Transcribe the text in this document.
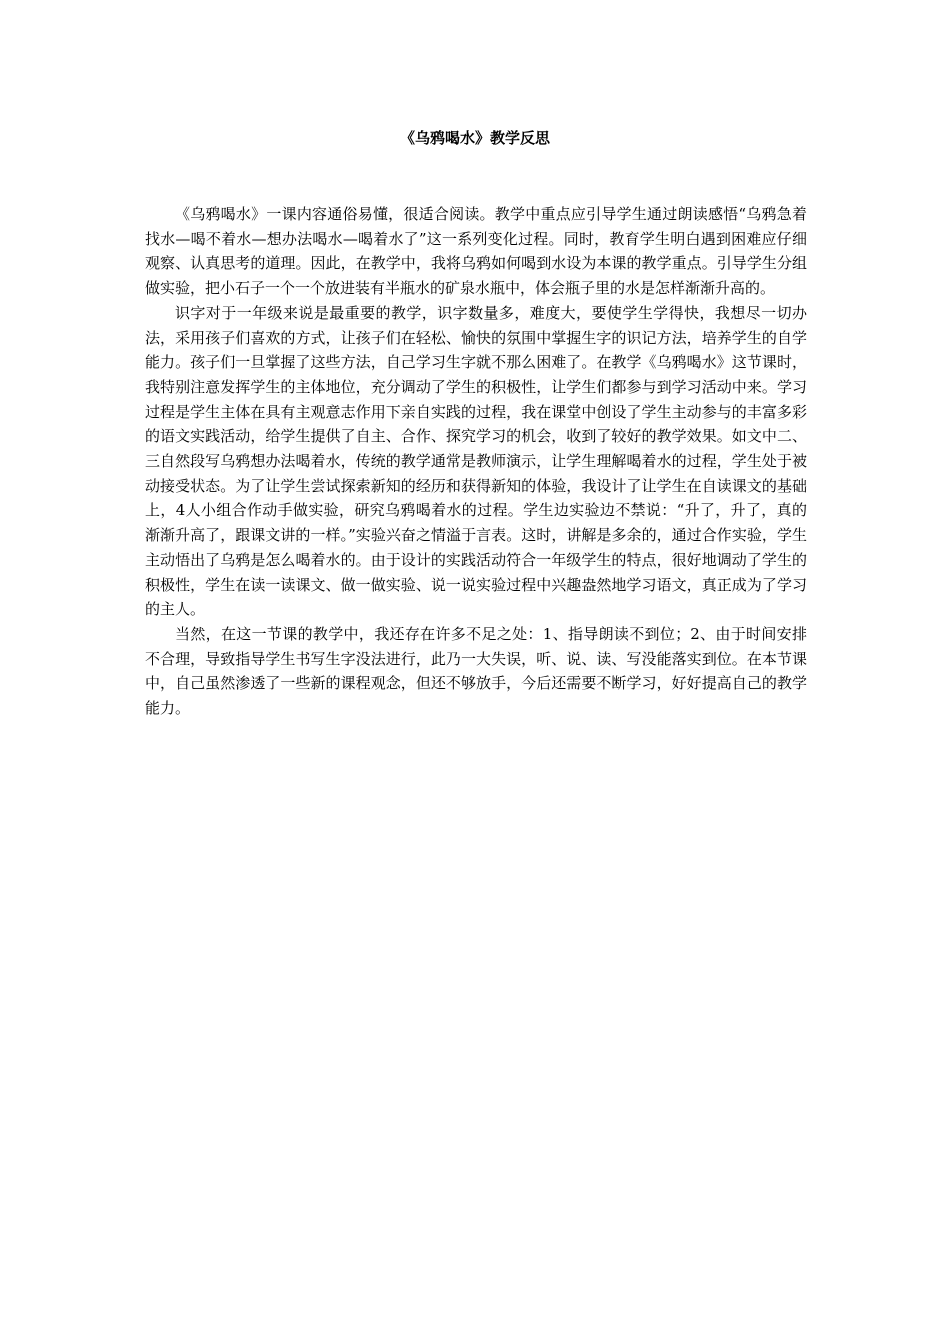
《乌鸦喝水》教学反思

《乌鸦喝水》一课内容通俗易懂，很适合阅读。教学中重点应引导学生通过朗读感悟“乌鸦急着找水—喝不着水—想办法喝水—喝着水了”这一系列变化过程。同时，教育学生明白遇到困难应仔细观察、认真思考的道理。因此，在教学中，我将乌鸦如何喝到水设为本课的教学重点。引导学生分组做实验，把小石子一个一个放进装有半瓶水的矿泉水瓶中，体会瓶子里的水是怎样渐渐升高的。

识字对于一年级来说是最重要的教学，识字数量多，难度大，要使学生学得快，我想尽一切办法，采用孩子们喜欢的方式，让孩子们在轻松、愉快的氛围中掌握生字的识记方法，培养学生的自学能力。孩子们一旦掌握了这些方法，自己学习生字就不那么困难了。在教学《乌鸦喝水》这节课时，我特别注意发挥学生的主体地位，充分调动了学生的积极性，让学生们都参与到学习活动中来。学习过程是学生主体在具有主观意志作用下亲自实践的过程，我在课堂中创设了学生主动参与的丰富多彩的语文实践活动，给学生提供了自主、合作、探究学习的机会，收到了较好的教学效果。如文中二、三自然段写乌鸦想办法喝着水，传统的教学通常是教师演示，让学生理解喝着水的过程，学生处于被动接受状态。为了让学生尝试探索新知的经历和获得新知的体验，我设计了让学生在自读课文的基础上，4人小组合作动手做实验，研究乌鸦喝着水的过程。学生边实验边不禁说：“升了，升了，真的渐渐升高了，跟课文讲的一样。”实验兴奋之情溢于言表。这时，讲解是多余的，通过合作实验，学生主动悟出了乌鸦是怎么喝着水的。由于设计的实践活动符合一年级学生的特点，很好地调动了学生的积极性，学生在读一读课文、做一做实验、说一说实验过程中兴趣盎然地学习语文，真正成为了学习的主人。

当然，在这一节课的教学中，我还存在许多不足之处：1、指导朗读不到位；2、由于时间安排不合理，导致指导学生书写生字没法进行，此乃一大失误，听、说、读、写没能落实到位。在本节课中，自己虽然渗透了一些新的课程观念，但还不够放手，今后还需要不断学习，好好提高自己的教学能力。
